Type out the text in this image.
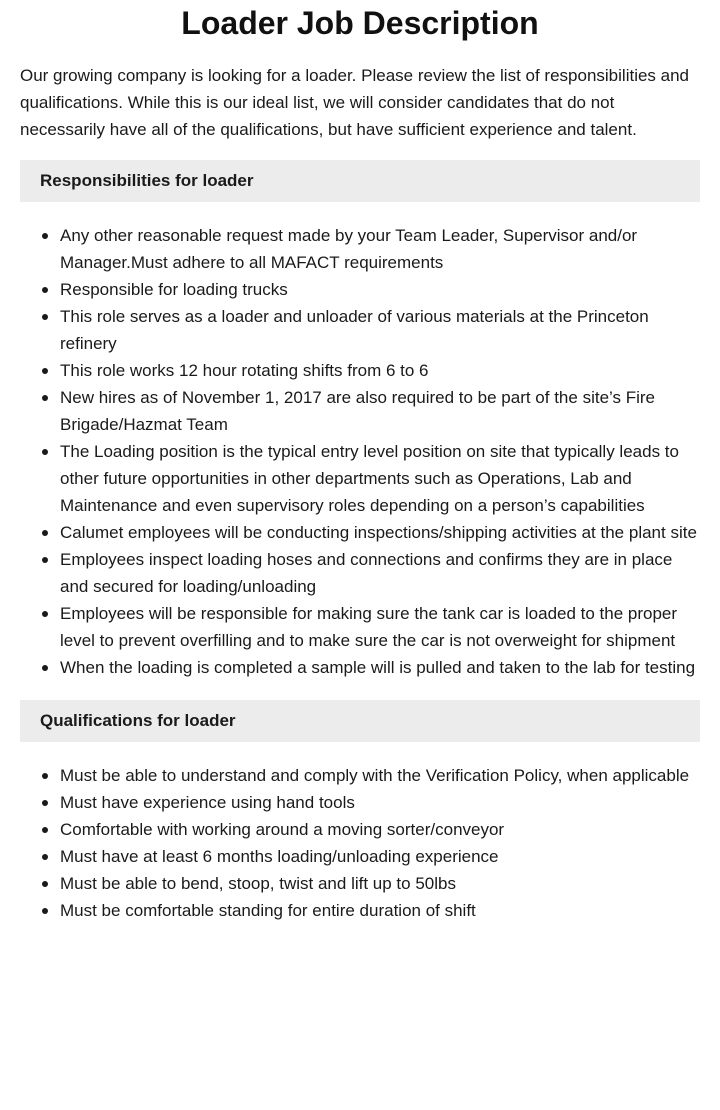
Loader Job Description

Our growing company is looking for a loader. Please review the list of responsibilities and qualifications. While this is our ideal list, we will consider candidates that do not necessarily have all of the qualifications, but have sufficient experience and talent.

Responsibilities for loader
Any other reasonable request made by your Team Leader, Supervisor and/or Manager.Must adhere to all MAFACT requirements
Responsible for loading trucks
This role serves as a loader and unloader of various materials at the Princeton refinery
This role works 12 hour rotating shifts from 6 to 6
New hires as of November 1, 2017 are also required to be part of the site’s Fire Brigade/Hazmat Team
The Loading position is the typical entry level position on site that typically leads to other future opportunities in other departments such as Operations, Lab and Maintenance and even supervisory roles depending on a person’s capabilities
Calumet employees will be conducting inspections/shipping activities at the plant site
Employees inspect loading hoses and connections and confirms they are in place and secured for loading/unloading
Employees will be responsible for making sure the tank car is loaded to the proper level to prevent overfilling and to make sure the car is not overweight for shipment
When the loading is completed a sample will is pulled and taken to the lab for testing
Qualifications for loader
Must be able to understand and comply with the Verification Policy, when applicable
Must have experience using hand tools
Comfortable with working around a moving sorter/conveyor
Must have at least 6 months loading/unloading experience
Must be able to bend, stoop, twist and lift up to 50lbs
Must be comfortable standing for entire duration of shift
